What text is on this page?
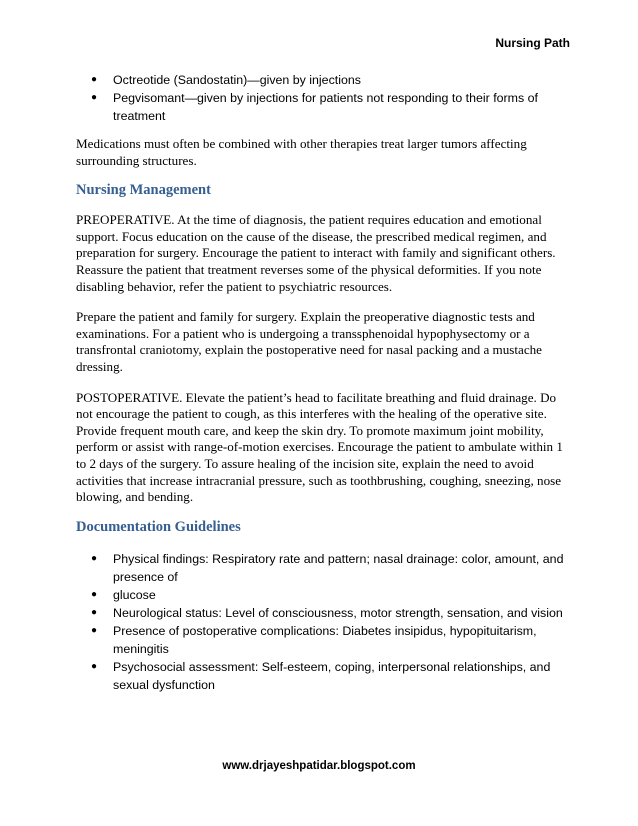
Nursing Path
● Octreotide (Sandostatin)—given by injections
● Pegvisomant—given by injections for patients not responding to their forms of treatment

Medications must often be combined with other therapies treat larger tumors affecting surrounding structures.

Nursing Management

PREOPERATIVE. At the time of diagnosis, the patient requires education and emotional support. Focus education on the cause of the disease, the prescribed medical regimen, and preparation for surgery. Encourage the patient to interact with family and significant others. Reassure the patient that treatment reverses some of the physical deformities. If you note disabling behavior, refer the patient to psychiatric resources.

Prepare the patient and family for surgery. Explain the preoperative diagnostic tests and examinations. For a patient who is undergoing a transsphenoidal hypophysectomy or a transfrontal craniotomy, explain the postoperative need for nasal packing and a mustache dressing.

POSTOPERATIVE. Elevate the patient’s head to facilitate breathing and fluid drainage. Do not encourage the patient to cough, as this interferes with the healing of the operative site. Provide frequent mouth care, and keep the skin dry. To promote maximum joint mobility, perform or assist with range-of-motion exercises. Encourage the patient to ambulate within 1 to 2 days of the surgery. To assure healing of the incision site, explain the need to avoid activities that increase intracranial pressure, such as toothbrushing, coughing, sneezing, nose blowing, and bending.

Documentation Guidelines
● Physical findings: Respiratory rate and pattern; nasal drainage: color, amount, and presence of
● glucose
● Neurological status: Level of consciousness, motor strength, sensation, and vision
● Presence of postoperative complications: Diabetes insipidus, hypopituitarism, meningitis
● Psychosocial assessment: Self-esteem, coping, interpersonal relationships, and sexual dysfunction
www.drjayeshpatidar.blogspot.com
